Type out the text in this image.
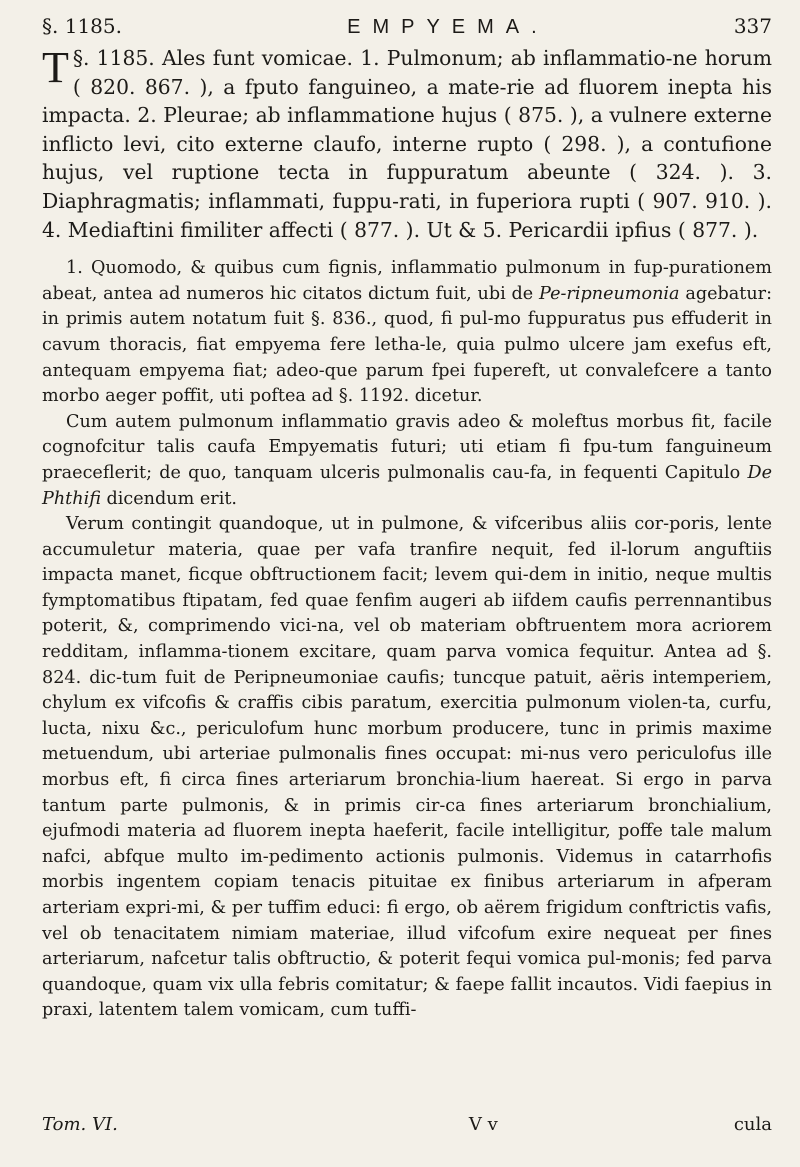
§. 1185.	EMPYEMA.	337

§. 1185.
T	Ales funt vomicae. 1. Pulmonum; ab inflammatio-ne horum ( 820. 867. ), a fputo fanguineo, a mate-rie ad fluorem inepta his impacta. 2. Pleurae; ab inflammatione hujus ( 875. ), a vulnere externe inflicto levi, cito externe claufo, interne rupto ( 298. ), a contufione hujus, vel ruptione tecta in fuppuratum abeunte ( 324. ). 3. Diaphragmatis; inflammati, fuppu-rati, in fuperiora rupti ( 907. 910. ). 4. Mediaftini fimiliter affecti ( 877. ). Ut & 5. Pericardii ipfius ( 877. ).

1. Quomodo, & quibus cum fignis, inflammatio pulmonum in fup-purationem abeat, antea ad numeros hic citatos dictum fuit, ubi de Pe-ripneumonia agebatur: in primis autem notatum fuit §. 836., quod, fi pul-mo fuppuratus pus effuderit in cavum thoracis, fiat empyema fere letha-le, quia pulmo ulcere jam exefus eft, antequam empyema fiat; adeo-que parum fpei fupereft, ut convalefcere a tanto morbo aeger poffit, uti poftea ad §. 1192. dicetur.

Cum autem pulmonum inflammatio gravis adeo & moleftus morbus fit, facile cognofcitur talis caufa Empyematis futuri; uti etiam fi fpu-tum fanguineum praeceflerit; de quo, tanquam ulceris pulmonalis cau-fa, in fequenti Capitulo De Phthifi dicendum erit.

Verum contingit quandoque, ut in pulmone, & vifceribus aliis cor-poris, lente accumuletur materia, quae per vafa tranfire nequit, fed il-lorum anguftiis impacta manet, ficque obftructionem facit; levem qui-dem in initio, neque multis fymptomatibus ftipatam, fed quae fenfim augeri ab iifdem caufis perrennantibus poterit, &, comprimendo vici-na, vel ob materiam obftruentem mora acriorem redditam, inflamma-tionem excitare, quam parva vomica fequitur. Antea ad §. 824. dic-tum fuit de Peripneumoniae caufis; tuncque patuit, aëris intemperiem, chylum ex vifcofis & craffis cibis paratum, exercitia pulmonum violen-ta, curfu, lucta, nixu &c., periculofum hunc morbum producere, tunc in primis maxime metuendum, ubi arteriae pulmonalis fines occupat: mi-nus vero periculofus ille morbus eft, fi circa fines arteriarum bronchia-lium haereat. Si ergo in parva tantum parte pulmonis, & in primis cir-ca fines arteriarum bronchialium, ejufmodi materia ad fluorem inepta haeferit, facile intelligitur, poffe tale malum nafci, abfque multo im-pedimento actionis pulmonis. Videmus in catarrhofis morbis ingentem copiam tenacis pituitae ex finibus arteriarum in afperam arteriam expri-mi, & per tuffim educi: fi ergo, ob aërem frigidum conftrictis vafis, vel ob tenacitatem nimiam materiae, illud vifcofum exire nequeat per fines arteriarum, nafcetur talis obftructio, & poterit fequi vomica pul-monis; fed parva quandoque, quam vix ulla febris comitatur; & faepe fallit incautos. Vidi faepius in praxi, latentem talem vomicam, cum tuffi-

Tom. VI.	V v	cula
